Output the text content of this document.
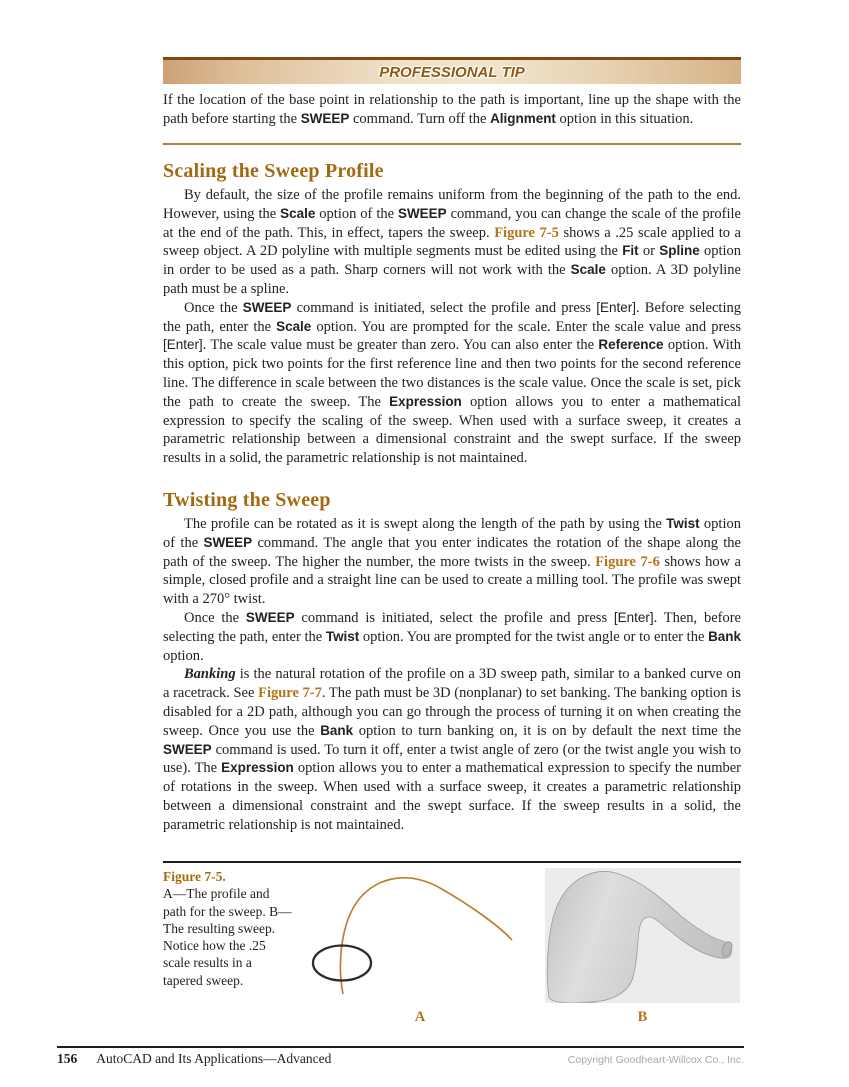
PROFESSIONAL TIP

If the location of the base point in relationship to the path is important, line up the shape with the path before starting the SWEEP command. Turn off the Alignment option in this situation.

Scaling the Sweep Profile

By default, the size of the profile remains uniform from the beginning of the path to the end. However, using the Scale option of the SWEEP command, you can change the scale of the profile at the end of the path. This, in effect, tapers the sweep. Figure 7-5 shows a .25 scale applied to a sweep object. A 2D polyline with multiple segments must be edited using the Fit or Spline option in order to be used as a path. Sharp corners will not work with the Scale option. A 3D polyline path must be a spline.

Once the SWEEP command is initiated, select the profile and press [Enter]. Before selecting the path, enter the Scale option. You are prompted for the scale. Enter the scale value and press [Enter]. The scale value must be greater than zero. You can also enter the Reference option. With this option, pick two points for the first reference line and then two points for the second reference line. The difference in scale between the two distances is the scale value. Once the scale is set, pick the path to create the sweep. The Expression option allows you to enter a mathematical expression to specify the scaling of the sweep. When used with a surface sweep, it creates a parametric relationship between a dimensional constraint and the swept surface. If the sweep results in a solid, the parametric relationship is not maintained.

Twisting the Sweep

The profile can be rotated as it is swept along the length of the path by using the Twist option of the SWEEP command. The angle that you enter indicates the rotation of the shape along the path of the sweep. The higher the number, the more twists in the sweep. Figure 7-6 shows how a simple, closed profile and a straight line can be used to create a milling tool. The profile was swept with a 270° twist.

Once the SWEEP command is initiated, select the profile and press [Enter]. Then, before selecting the path, enter the Twist option. You are prompted for the twist angle or to enter the Bank option.

Banking is the natural rotation of the profile on a 3D sweep path, similar to a banked curve on a racetrack. See Figure 7-7. The path must be 3D (nonplanar) to set banking. The banking option is disabled for a 2D path, although you can go through the process of turning it on when creating the sweep. Once you use the Bank option to turn banking on, it is on by default the next time the SWEEP command is used. To turn it off, enter a twist angle of zero (or the twist angle you wish to use). The Expression option allows you to enter a mathematical expression to specify the number of rotations in the sweep. When used with a surface sweep, it creates a parametric relationship between a dimensional constraint and the swept surface. If the sweep results in a solid, the parametric relationship is not maintained.

Figure 7-5.
A—The profile and path for the sweep. B—The resulting sweep. Notice how the .25 scale results in a tapered sweep.
A	B
156 AutoCAD and Its Applications—Advanced	Copyright Goodheart-Willcox Co., Inc.
